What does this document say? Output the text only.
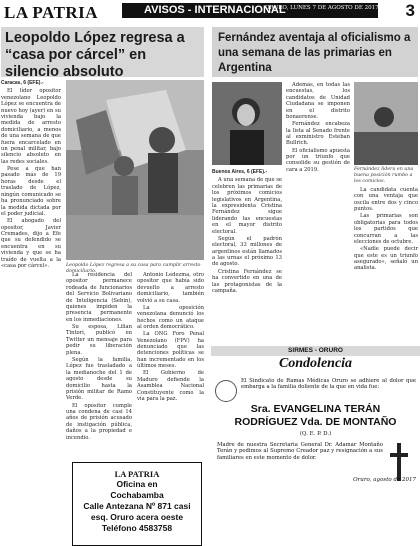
LA PATRIA	AVISOS - INTERNACIONAL
ORURO, LUNES 7 DE AGOSTO DE 2017 3
Leopoldo López regresa a “casa por cárcel” en silencio absoluto

Caracas, 6 (EFE).-

El líder opositor venezolano Leopoldo López se encuentra de nuevo hoy (ayer) en su vivienda bajo la medida de arresto domiciliario, a menos de una semana de que fuera encarcelado en un penal militar, bajo silencio absoluto en las redes sociales.

Pese a que han pasado más de 19 horas desde el traslado de López, ningún comunicado se ha pronunciado sobre la medida dictada por el poder judicial.

El abogado del opositor, Javier Cremades, dijo a Efe que su defendido se encuentra en su vivienda y que se ha traído de vuelta a la «casa por cárcel».	Leopoldo López regresa a su casa para cumplir arresto domiciliario.

La residencia del opositor permanece rodeada de funcionarios del Servicio Bolivariano de Inteligencia (Sebin), quienes impiden la presencia permanente en los inmediaciones.

Su esposa, Lilian Tintori, publicó en Twitter un mensaje para pedir su liberación plena.

Según la familia, López fue trasladado a la medianoche del 1 de agosto desde su domicilio hasta la prisión militar de Ramo Verde.

El opositor cumple una condena de casi 14 años de prisión acusado de instigación pública, daños a la propiedad e incendio.

Antonio Ledezma, otro opositor que había sido devuelto a arresto domiciliario, también volvió a su casa.

La oposición venezolana denunció los hechos como un ataque al orden democrático.

La ONG Foro Penal Venezolano (FPV) ha denunciado que las detenciones políticas se han incrementado en los últimos meses.

El Gobierno de Maduro defiende la Asamblea Nacional Constituyente como la vía para la paz.

LA PATRIA
Oficina en
Cochabamba
Calle Antezana Nº 871 casi
esq. Oruro acera oeste
Teléfono 4583758
Fernández aventaja al oficialismo a una semana de las primarias en Argentina

Además, en todas las encuestas, los candidatos de Unidad Ciudadana se imponen en el distrito bonaerense.

Fernández encabeza la lista al Senado frente al exministro Esteban Bullrich.

El oficialismo apuesta por un triunfo que consolide su gestión de cara a 2019.	Fernández lidera en una buena posición rumbo a los comicios.

Buenos Aires, 6 (EFE).-

A una semana de que se celebren las primarias de los próximos comicios legislativos en Argentina, la expresidenta Cristina Fernández sigue liderando las encuestas en el mayor distrito electoral.

Según el padrón electoral, 33 millones de argentinos están llamados a las urnas el próximo 13 de agosto.

Cristina Fernández se ha convertido en una de las protagonistas de la campaña.

La candidata cuenta con una ventaja que oscila entre dos y cinco puntos.

Las primarias son obligatorias para todos los partidos que concurran a las elecciones de octubre.

«Nadie puede decir que este es un triunfo asegurado», señaló un analista.

SIRMES - ORURO
Condolencia
El Sindicato de Ramas Médicas Oruro se adhiere al dolor que embarga a la familia doliente de la que en vida fue:
Sra. EVANGELINA TERÁN
RODRÍGUEZ Vda. DE MONTAÑO
(Q. E. P. D.)
Madre de nuestra Secretaria General Dr. Adamar Montaño Terán y pedimos al Supremo Creador paz y resignación a sus familiares en este momento de dolor.
Oruro, agosto de 2017
